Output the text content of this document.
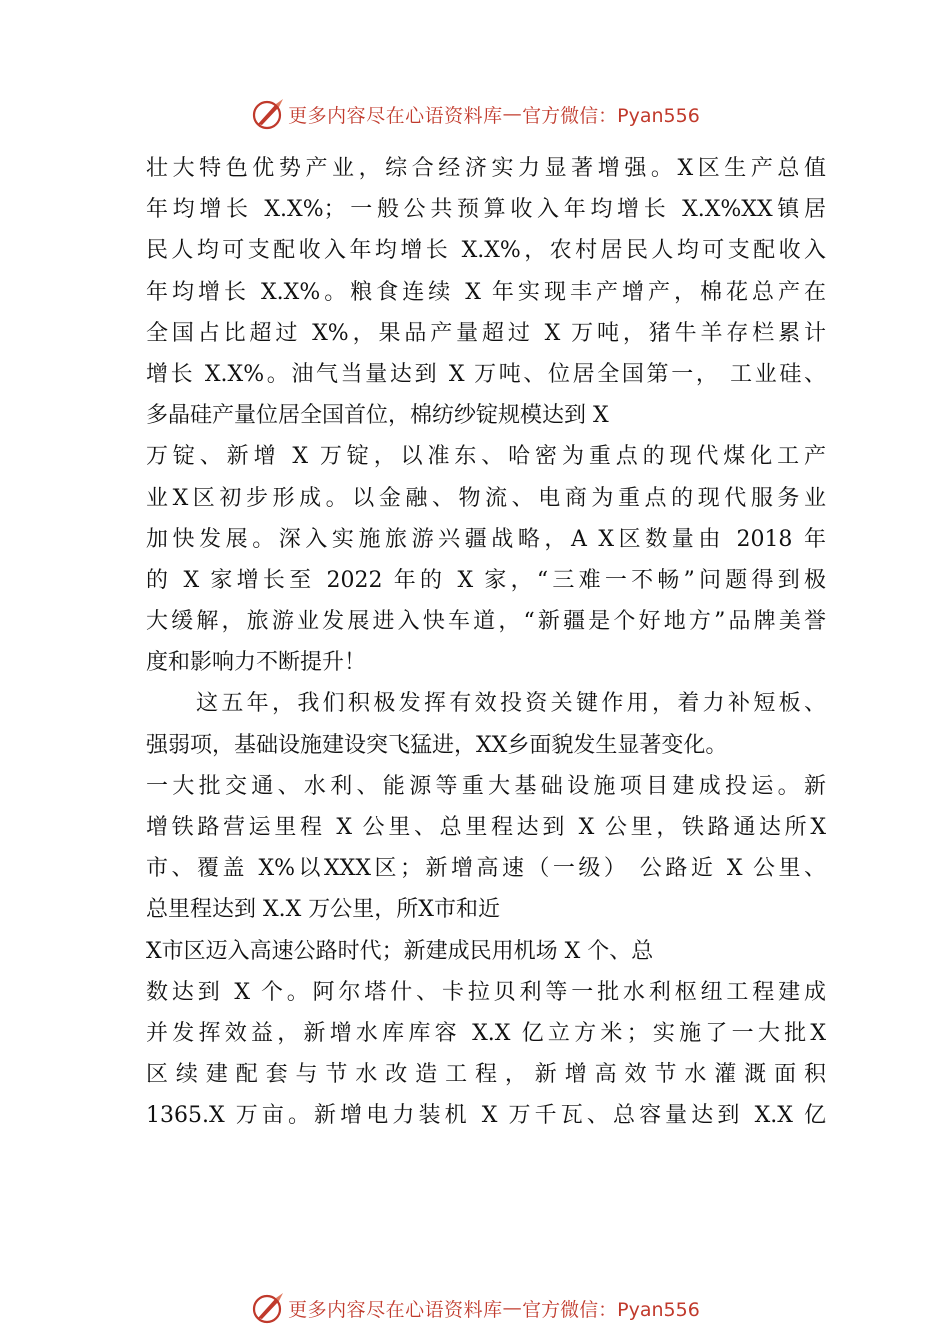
更多内容尽在心语资料库 — 官方微信：Pyan556
壮大特色优势产业，综合经济实力显著增强。X区生产总值
年均增长 X.X%；一般公共预算收入年均增长 X.X%XX镇居
民人均可支配收入年均增长 X.X%，农村居民人均可支配收入
年均增长 X.X%。粮食连续 X 年实现丰产增产，棉花总产在
全国占比超过 X%，果品产量超过 X 万吨，猪牛羊存栏累计
增长 X.X%。油气当量达到 X 万吨、位居全国第一， 工业硅、
多晶硅产量位居全国首位，棉纺纱锭规模达到 X
万锭、新增 X 万锭，以准东、哈密为重点的现代煤化工产
业X区初步形成。以金融、物流、电商为重点的现代服务业
加快发展。深入实施旅游兴疆战略，A X区数量由 2018 年
的 X 家增长至 2022 年的 X 家，“三难一不畅”问题得到极
大缓解，旅游业发展进入快车道，“新疆是个好地方”品牌美誉
度和影响力不断提升！
这五年，我们积极发挥有效投资关键作用，着力补短板、
强弱项，基础设施建设突飞猛进，XX乡面貌发生显著变化。
一大批交通、水利、能源等重大基础设施项目建成投运。新
增铁路营运里程 X 公里、总里程达到 X 公里，铁路通达所X
市、覆盖 X%以XXX区；新增高速（一级） 公路近 X 公里、
总里程达到 X.X 万公里，所X市和近
X市区迈入高速公路时代；新建成民用机场 X 个、总
数达到 X 个。阿尔塔什、卡拉贝利等一批水利枢纽工程建成
并发挥效益，新增水库库容 X.X 亿立方米；实施了一大批X
区续建配套与节水改造工程，新增高效节水灌溉面积
1365.X 万亩。新增电力装机 X 万千瓦、总容量达到 X.X 亿
更多内容尽在心语资料库 — 官方微信：Pyan556
